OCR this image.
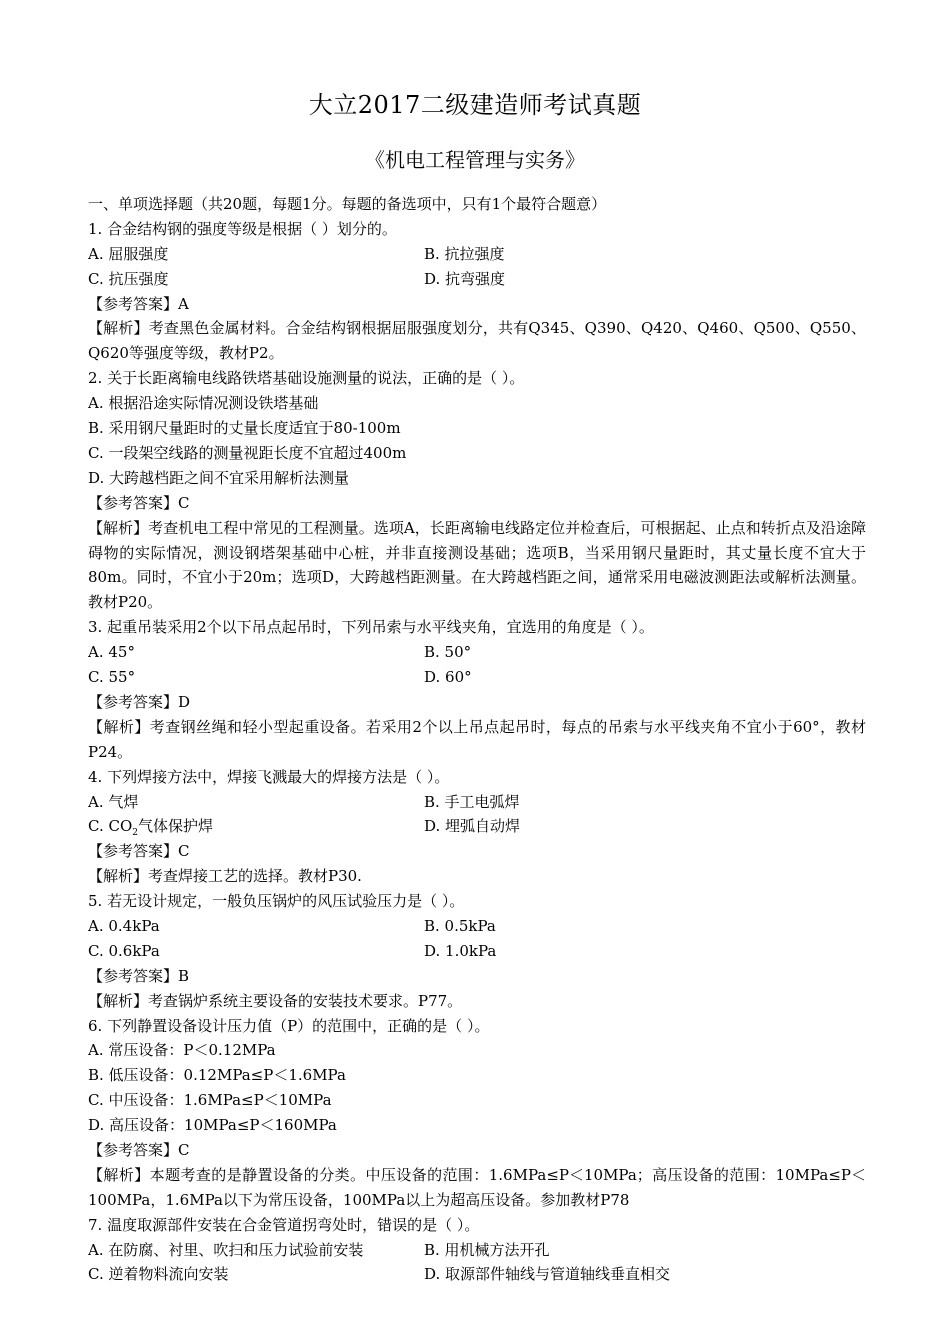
大立2017二级建造师考试真题
《机电工程管理与实务》
一、单项选择题（共20题，每题1分。每题的备选项中，只有1个最符合题意）
1. 合金结构钢的强度等级是根据（ ）划分的。
A. 屈服强度	B. 抗拉强度
C. 抗压强度	D. 抗弯强度
【参考答案】A
【解析】考查黑色金属材料。合金结构钢根据屈服强度划分，共有Q345、Q390、Q420、Q460、Q500、Q550、Q620等强度等级，教材P2。
2. 关于长距离输电线路铁塔基础设施测量的说法，正确的是（ ）。
A. 根据沿途实际情况测设铁塔基础
B. 采用钢尺量距时的丈量长度适宜于80-100m
C. 一段架空线路的测量视距长度不宜超过400m
D. 大跨越档距之间不宜采用解析法测量
【参考答案】C
【解析】考查机电工程中常见的工程测量。选项A，长距离输电线路定位并检查后，可根据起、止点和转折点及沿途障碍物的实际情况，测设钢塔架基础中心桩，并非直接测设基础；选项B，当采用钢尺量距时，其丈量长度不宜大于80m。同时，不宜小于20m；选项D，大跨越档距测量。在大跨越档距之间，通常采用电磁波测距法或解析法测量。教材P20。
3. 起重吊装采用2个以下吊点起吊时，下列吊索与水平线夹角，宜选用的角度是（ ）。
A. 45°	B. 50°
C. 55°	D. 60°
【参考答案】D
【解析】考查钢丝绳和轻小型起重设备。若采用2个以上吊点起吊时，每点的吊索与水平线夹角不宜小于60°，教材P24。
4. 下列焊接方法中，焊接飞溅最大的焊接方法是（ ）。
A. 气焊	B. 手工电弧焊
C. $CO_2$气体保护焊	D. 埋弧自动焊
【参考答案】C
【解析】考查焊接工艺的选择。教材P30.
5. 若无设计规定，一般负压锅炉的风压试验压力是（ ）。
A. 0.4kPa	B. 0.5kPa
C. 0.6kPa	D. 1.0kPa
【参考答案】B
【解析】考查锅炉系统主要设备的安装技术要求。P77。
6. 下列静置设备设计压力值（P）的范围中，正确的是（ ）。
A. 常压设备：P＜0.12MPa
B. 低压设备：0.12MPa≤P＜1.6MPa
C. 中压设备：1.6MPa≤P＜10MPa
D. 高压设备：10MPa≤P＜160MPa
【参考答案】C
【解析】本题考查的是静置设备的分类。中压设备的范围：1.6MPa≤P＜10MPa；高压设备的范围：10MPa≤P＜100MPa，1.6MPa以下为常压设备，100MPa以上为超高压设备。参加教材P78
7. 温度取源部件安装在合金管道拐弯处时，错误的是（ ）。
A. 在防腐、衬里、吹扫和压力试验前安装	B. 用机械方法开孔
C. 逆着物料流向安装	D. 取源部件轴线与管道轴线垂直相交
